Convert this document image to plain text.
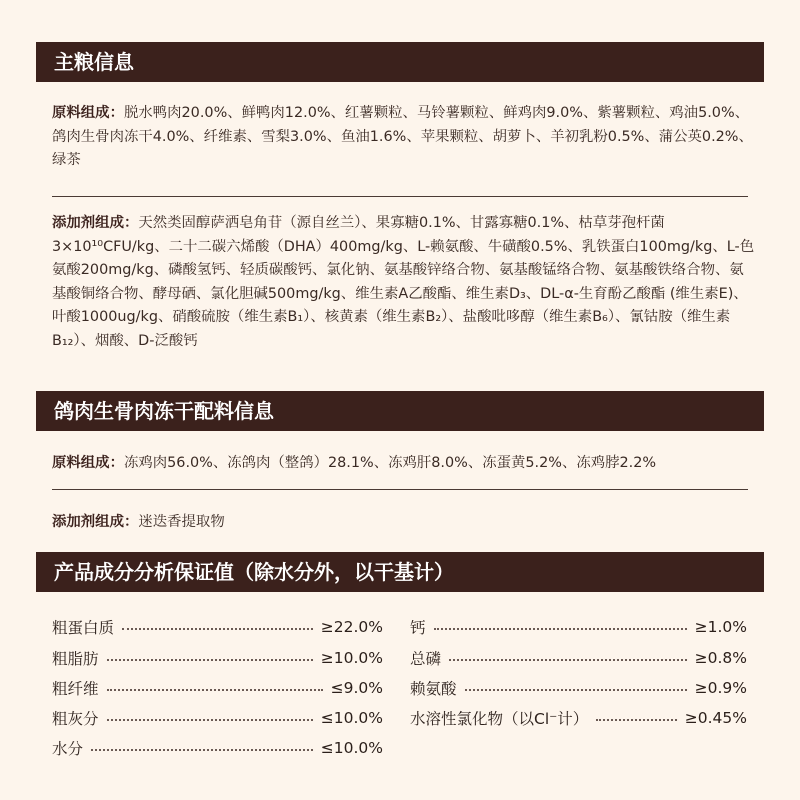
主粮信息
原料组成：脱水鸭肉20.0%、鲜鸭肉12.0%、红薯颗粒、马铃薯颗粒、鲜鸡肉9.0%、紫薯颗粒、鸡油5.0%、鸽肉生骨肉冻干4.0%、纤维素、雪梨3.0%、鱼油1.6%、苹果颗粒、胡萝卜、羊初乳粉0.5%、蒲公英0.2%、绿茶
添加剂组成：天然类固醇萨洒皂角苷（源自丝兰）、果寡糖0.1%、甘露寡糖0.1%、枯草芽孢杆菌3×10¹⁰CFU/kg、二十二碳六烯酸（DHA）400mg/kg、L-赖氨酸、牛磺酸0.5%、乳铁蛋白100mg/kg、L-色氨酸200mg/kg、磷酸氢钙、轻质碳酸钙、氯化钠、氨基酸锌络合物、氨基酸锰络合物、氨基酸铁络合物、氨基酸铜络合物、酵母硒、氯化胆碱500mg/kg、维生素A乙酸酯、维生素D₃、DL-α-生育酚乙酸酯 (维生素E)、叶酸1000ug/kg、硝酸硫胺（维生素B₁）、核黄素（维生素B₂）、盐酸吡哆醇（维生素B₆）、氰钴胺（维生素B₁₂）、烟酸、D-泛酸钙
鸽肉生骨肉冻干配料信息
原料组成：冻鸡肉56.0%、冻鸽肉（整鸽）28.1%、冻鸡肝8.0%、冻蛋黄5.2%、冻鸡脖2.2%
添加剂组成：迷迭香提取物
产品成分分析保证值（除水分外，以干基计）
粗蛋白质	≥22.0%
粗脂肪	≥10.0%
粗纤维	≤9.0%
粗灰分	≤10.0%
水分	≤10.0%
钙	≥1.0%
总磷	≥0.8%
赖氨酸	≥0.9%
水溶性氯化物（以Cl⁻计）	≥0.45%
